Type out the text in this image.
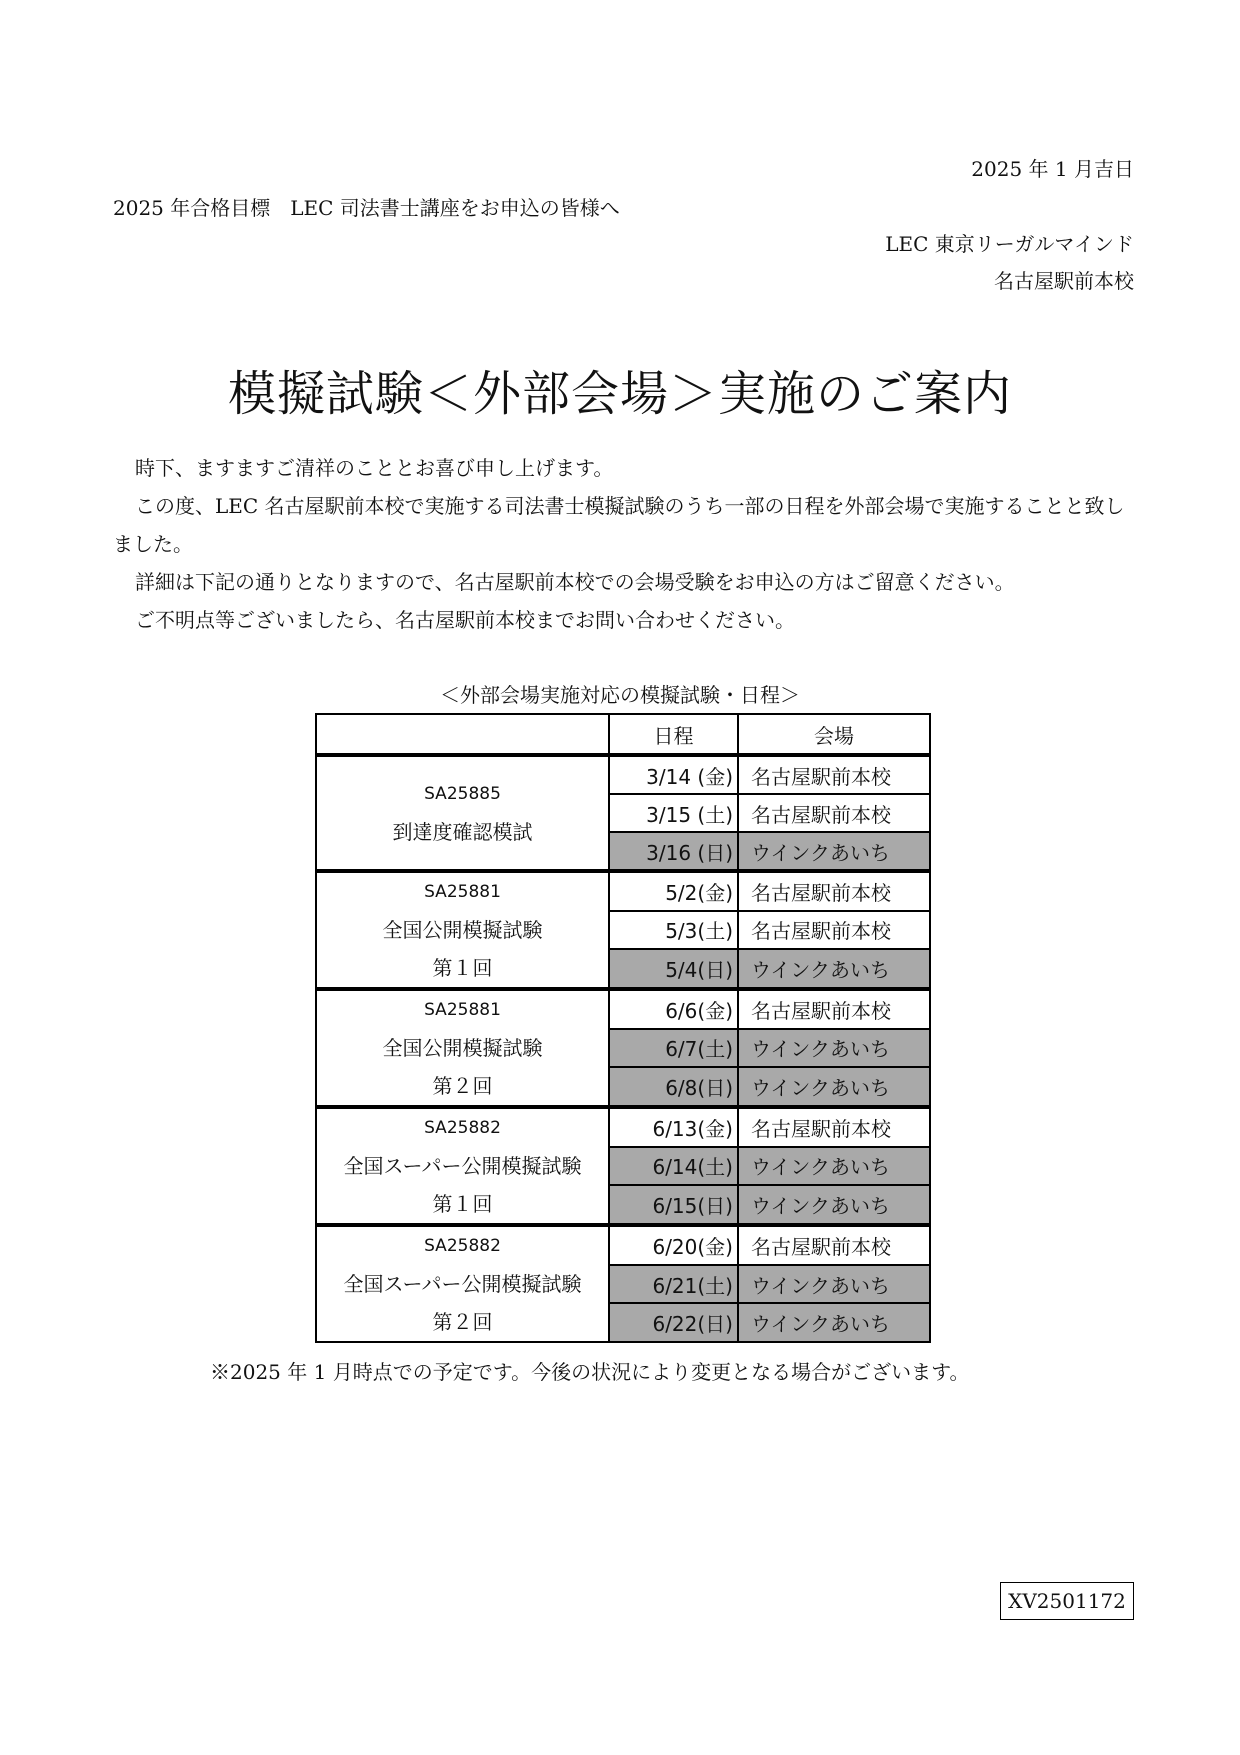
2025 年 1 月吉日
2025 年合格目標　LEC 司法書士講座をお申込の皆様へ
LEC 東京リーガルマインド
名古屋駅前本校
模擬試験＜外部会場＞実施のご案内
時下、ますますご清祥のこととお喜び申し上げます。
この度、LEC 名古屋駅前本校で実施する司法書士模擬試験のうち一部の日程を外部会場で実施することと致しました。
詳細は下記の通りとなりますので、名古屋駅前本校での会場受験をお申込の方はご留意ください。
ご不明点等ございましたら、名古屋駅前本校までお問い合わせください。
＜外部会場実施対応の模擬試験・日程＞
	日程	会場

SA25885
到達度確認模試	3/14 (金)	名古屋駅前本校
	3/15 (土)	名古屋駅前本校
	3/16 (日)	ウインクあいち

SA25881
全国公開模擬試験
第１回	5/2(金)	名古屋駅前本校
	5/3(土)	名古屋駅前本校
	5/4(日)	ウインクあいち

SA25881
全国公開模擬試験
第２回	6/6(金)	名古屋駅前本校
	6/7(土)	ウインクあいち
	6/8(日)	ウインクあいち

SA25882
全国スーパー公開模擬試験
第１回	6/13(金)	名古屋駅前本校
	6/14(土)	ウインクあいち
	6/15(日)	ウインクあいち

SA25882
全国スーパー公開模擬試験
第２回	6/20(金)	名古屋駅前本校
	6/21(土)	ウインクあいち
	6/22(日)	ウインクあいち
※2025 年 1 月時点での予定です。今後の状況により変更となる場合がございます。
XV2501172
